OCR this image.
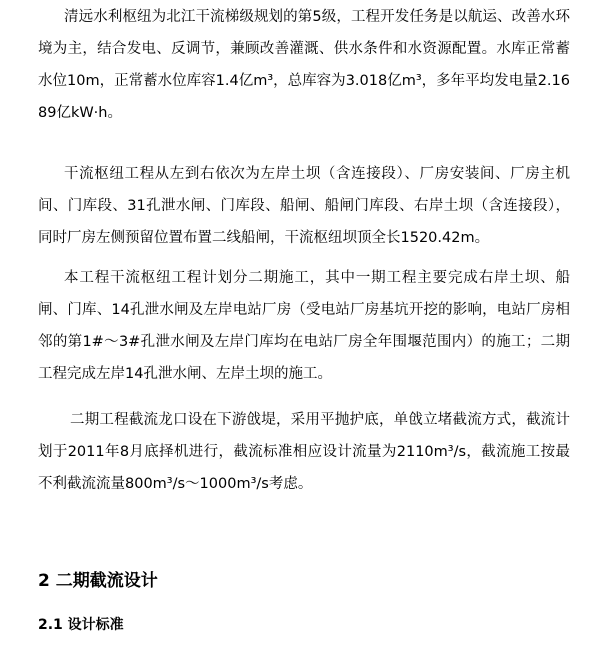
清远水利枢纽为北江干流梯级规划的第5级，工程开发任务是以航运、改善水环境为主，结合发电、反调节，兼顾改善灌溉、供水条件和水资源配置。水库正常蓄水位10m，正常蓄水位库容1.4亿m³，总库容为3.018亿m³，多年平均发电量2.1689亿kW·h。

干流枢纽工程从左到右依次为左岸土坝（含连接段）、厂房安装间、厂房主机间、门库段、31孔泄水闸、门库段、船闸、船闸门库段、右岸土坝（含连接段），同时厂房左侧预留位置布置二线船闸，干流枢纽坝顶全长1520.42m。

本工程干流枢纽工程计划分二期施工，其中一期工程主要完成右岸土坝、船闸、门库、14孔泄水闸及左岸电站厂房（受电站厂房基坑开挖的影响，电站厂房相邻的第1#～3#孔泄水闸及左岸门库均在电站厂房全年围堰范围内）的施工；二期工程完成左岸14孔泄水闸、左岸土坝的施工。

二期工程截流龙口设在下游戗堤，采用平抛护底，单戗立堵截流方式，截流计划于2011年8月底择机进行，截流标准相应设计流量为2110m³/s，截流施工按最不利截流流量800m³/s～1000m³/s考虑。

2 二期截流设计
2.1 设计标准
